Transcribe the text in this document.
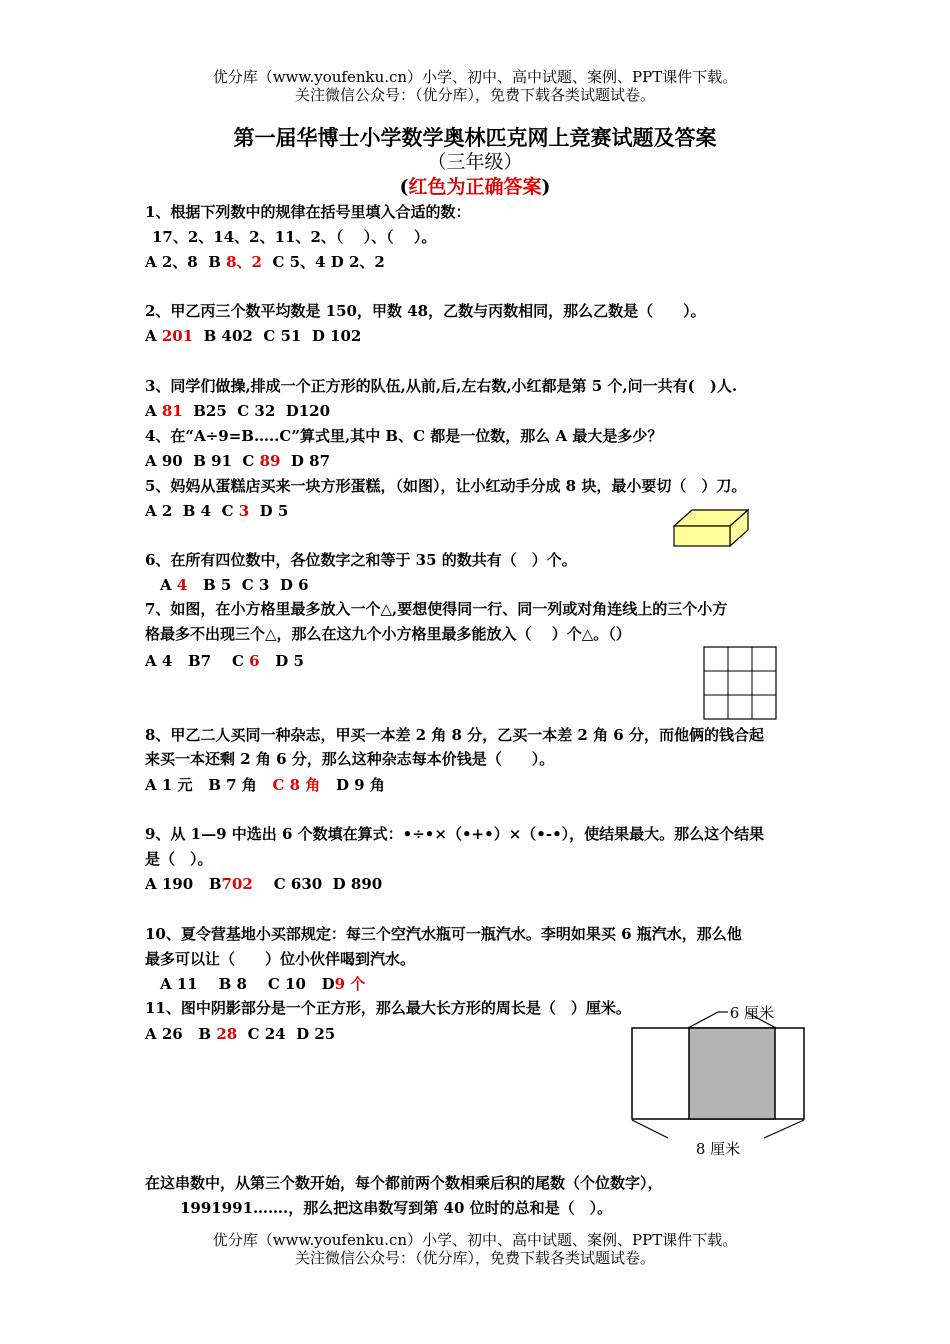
优分库（www.youfenku.cn）小学、初中、高中试题、案例、PPT课件下载。
关注微信公众号：（优分库），免费下载各类试题试卷。
第一届华博士小学数学奥林匹克网上竞赛试题及答案
（三年级）
(红色为正确答案)
1、根据下列数中的规律在括号里填入合适的数：
17、2、14、2、11、2、（　 ）、（　 ）。
A 2、8 B 8、2 C 5、4 D 2、2
2、甲乙丙三个数平均数是 150，甲数 48，乙数与丙数相同，那么乙数是（　　）。
A 201 B 402 C 51 D 102
3、同学们做操,排成一个正方形的队伍,从前,后,左右数,小红都是第 5 个,问一共有(　)人.
A 81 B25 C 32 D120
4、在“A÷9=B…..C”算式里,其中 B、C 都是一位数，那么 A 最大是多少？
A 90 B 91 C 89 D 87
5、妈妈从蛋糕店买来一块方形蛋糕，（如图），让小红动手分成 8 块，最小要切（　）刀。
A 2 B 4 C 3 D 5
6、在所有四位数中，各位数字之和等于 35 的数共有（　）个。
A 4 B 5 C 3 D 6
7、如图，在小方格里最多放入一个△,要想使得同一行、同一列或对角连线上的三个小方
格最多不出现三个△，那么在这九个小方格里最多能放入（　 ）个△。（）
A 4 B7 C 6 D 5
8、甲乙二人买同一种杂志，甲买一本差 2 角 8 分，乙买一本差 2 角 6 分，而他俩的钱合起
来买一本还剩 2 角 6 分，那么这种杂志每本价钱是（　　）。
A 1 元 B 7 角 C 8 角 D 9 角
9、从 1—9 中选出 6 个数填在算式：•÷•×（•+•）×（•-•），使结果最大。那么这个结果
是（　）。
A 190 B702 C 630 D 890
10、夏令营基地小买部规定：每三个空汽水瓶可一瓶汽水。李明如果买 6 瓶汽水，那么他
最多可以让（　　）位小伙伴喝到汽水。
A 11 B 8 C 10 D9 个
11、图中阴影部分是一个正方形，那么最大长方形的周长是（　）厘米。
A 26 B 28 C 24 D 25
6 厘米
8 厘米
在这串数中，从第三个数开始，每个都前两个数相乘后积的尾数（个位数字），
1991991…….，那么把这串数写到第 40 位时的总和是（　）。
优分库（www.youfenku.cn）小学、初中、高中试题、案例、PPT课件下载。
关注微信公众号：（优分库），免费下载各类试题试卷。
